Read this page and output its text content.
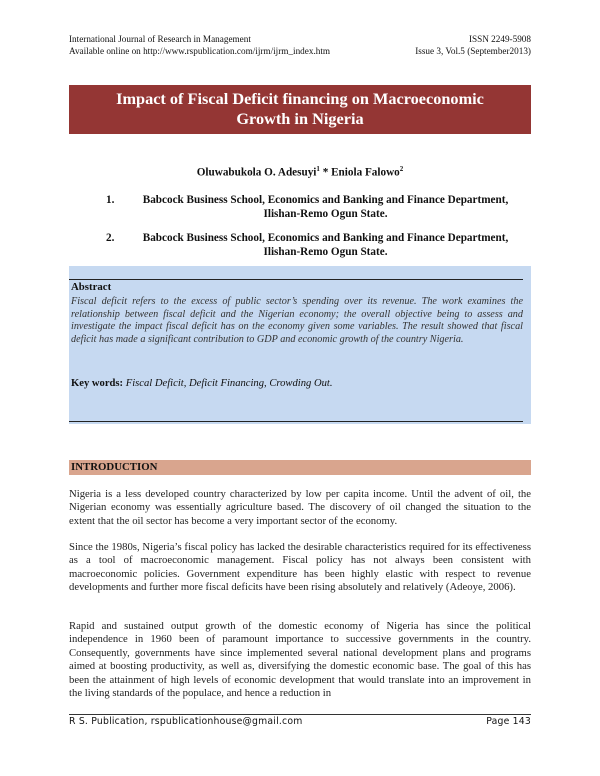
International Journal of Research in Management	ISSN 2249-5908
Available online on http://www.rspublication.com/ijrm/ijrm_index.htm	Issue 3, Vol.5 (September2013)
Impact of Fiscal Deficit financing on Macroeconomic
Growth in Nigeria
Oluwabukola O. Adesuyi$^1$ * Eniola Falowo$^2$
1.	Babcock Business School, Economics and Banking and Finance Department,
Ilishan-Remo Ogun State.
2.	Babcock Business School, Economics and Banking and Finance Department,
Ilishan-Remo Ogun State.
Abstract
Fiscal deficit refers to the excess of public sector’s spending over its revenue. The work examines the relationship between fiscal deficit and the Nigerian economy; the overall objective being to assess and investigate the impact fiscal deficit has on the economy given some variables. The result showed that fiscal deficit has made a significant contribution to GDP and economic growth of the country Nigeria.
Key words: Fiscal Deficit, Deficit Financing, Crowding Out.
INTRODUCTION
Nigeria is a less developed country characterized by low per capita income. Until the advent of oil, the Nigerian economy was essentially agriculture based. The discovery of oil changed the situation to the extent that the oil sector has become a very important sector of the economy.
Since the 1980s, Nigeria’s fiscal policy has lacked the desirable characteristics required for its effectiveness as a tool of macroeconomic management. Fiscal policy has not always been consistent with macroeconomic policies. Government expenditure has been highly elastic with respect to revenue developments and further more fiscal deficits have been rising absolutely and relatively (Adeoye, 2006).
Rapid and sustained output growth of the domestic economy of Nigeria has since the political independence in 1960 been of paramount importance to successive governments in the country. Consequently, governments have since implemented several national development plans and programs aimed at boosting productivity, as well as, diversifying the domestic economic base. The goal of this has been the attainment of high levels of economic development that would translate into an improvement in the living standards of the populace, and hence a reduction in
R S. Publication, rspublicationhouse@gmail.com	Page 143
